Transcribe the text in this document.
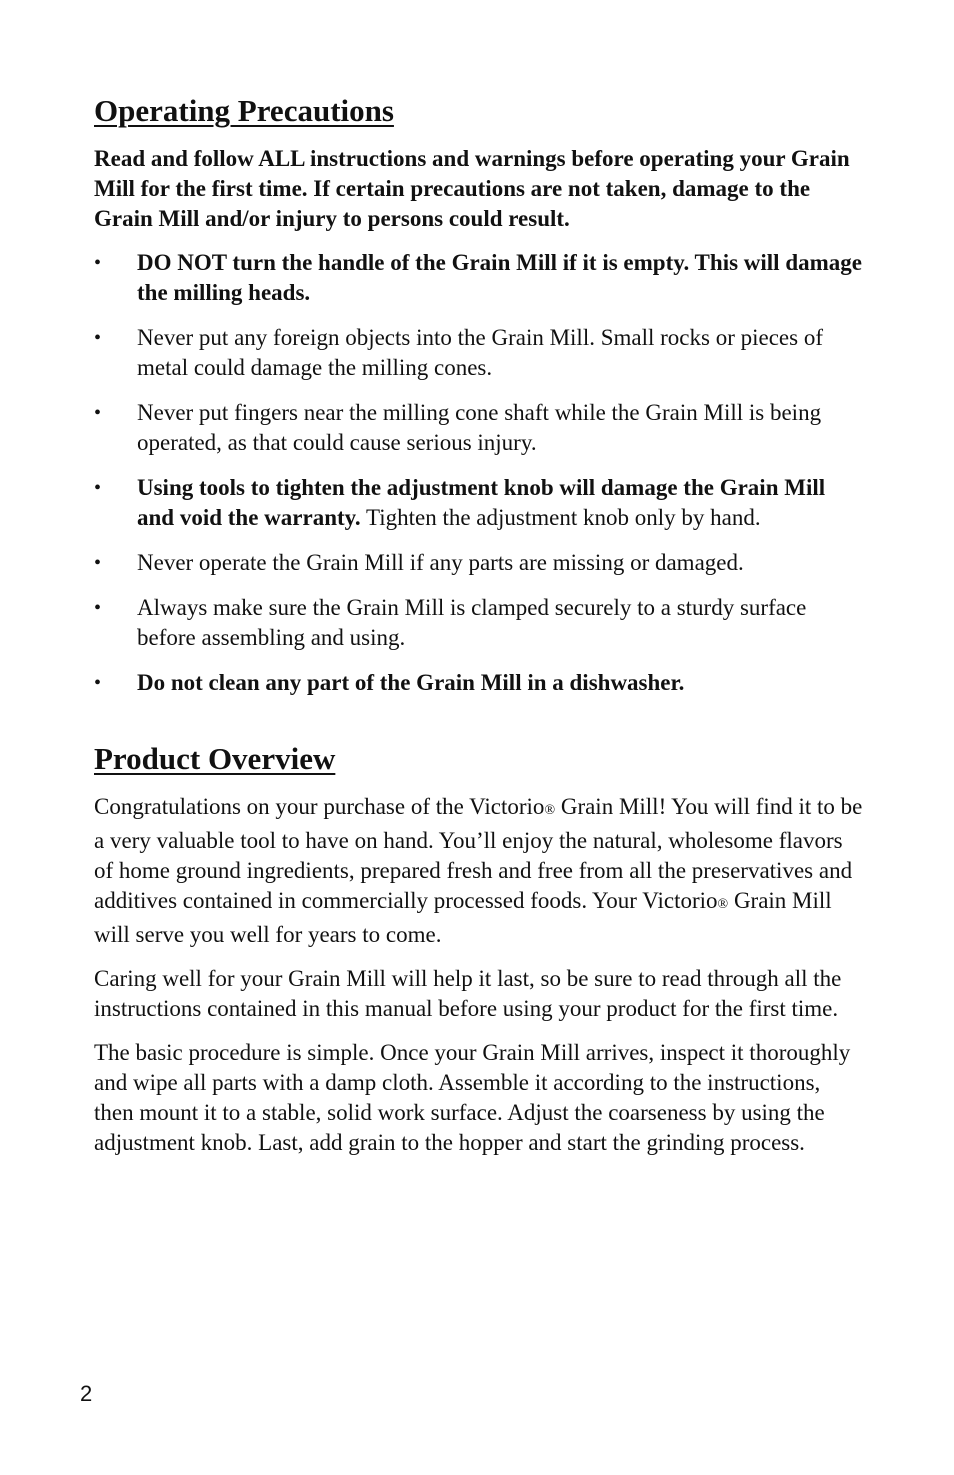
Operating Precautions

Read and follow ALL instructions and warnings before operating your Grain Mill for the first time. If certain precautions are not taken, damage to the Grain Mill and/or injury to persons could result.

•	DO NOT turn the handle of the Grain Mill if it is empty. This will damage the milling heads.
•	Never put any foreign objects into the Grain Mill. Small rocks or pieces of metal could damage the milling cones.
•	Never put fingers near the milling cone shaft while the Grain Mill is being operated, as that could cause serious injury.
•	Using tools to tighten the adjustment knob will damage the Grain Mill and void the warranty. Tighten the adjustment knob only by hand.
•	Never operate the Grain Mill if any parts are missing or damaged.
•	Always make sure the Grain Mill is clamped securely to a sturdy surface before assembling and using.
•	Do not clean any part of the Grain Mill in a dishwasher.
Product Overview

Congratulations on your purchase of the Victorio® Grain Mill! You will find it to be a very valuable tool to have on hand. You’ll enjoy the natural, wholesome flavors of home ground ingredients, prepared fresh and free from all the preservatives and additives contained in commercially processed foods. Your Victorio® Grain Mill will serve you well for years to come.

Caring well for your Grain Mill will help it last, so be sure to read through all the instructions contained in this manual before using your product for the first time.

The basic procedure is simple. Once your Grain Mill arrives, inspect it thoroughly and wipe all parts with a damp cloth. Assemble it according to the instructions, then mount it to a stable, solid work surface. Adjust the coarseness by using the adjustment knob. Last, add grain to the hopper and start the grinding process.

2
